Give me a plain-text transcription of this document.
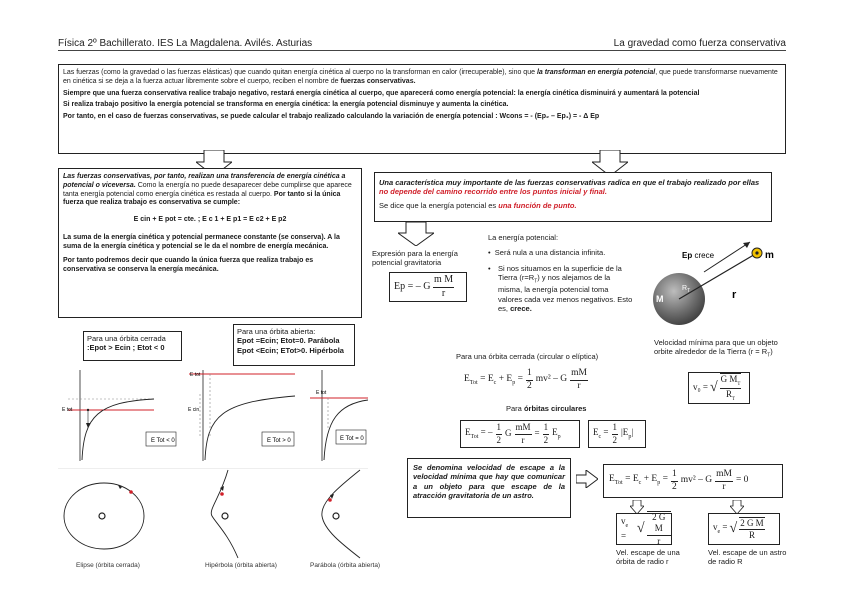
Física 2º Bachillerato. IES La Magdalena. Avilés. Asturias	La gravedad como fuerza conservativa
Las fuerzas (como la gravedad o las fuerzas elásticas) que cuando quitan energía cinética al cuerpo no la transforman en calor (irrecuperable), sino que la transforman en energía potencial, que puede transformarse nuevamente en cinética si se deja a la fuerza actuar libremente sobre el cuerpo, reciben el nombre de fuerzas conservativas.
Siempre que una fuerza conservativa realice trabajo negativo, restará energía cinética al cuerpo, que aparecerá como energía potencial: la energía cinética disminuirá y aumentará la potencial
Si realiza trabajo positivo la energía potencial se transforma en energía cinética: la energía potencial disminuye y aumenta la cinética.
Por tanto, en el caso de fuerzas conservativas, se puede calcular el trabajo realizado calculando la variación de energía potencial : Wcons = - (Ep₂ – Ep₁) = - Δ Ep
Las fuerzas conservativas, por tanto, realizan una transferencia de energía cinética a potencial o viceversa. Como la energía no puede desaparecer debe cumplirse que aparece tanta energía potencial como energía cinética es restada al cuerpo. Por tanto si la única fuerza que realiza trabajo es conservativa se cumple:
E cin + E pot = cte. ; E c 1 + E p1 = E c2 + E p2
La suma de la energía cinética y potencial permanece constante (se conserva). A la suma de la energía cinética y potencial se le da el nombre de energía mecánica.
Por tanto podremos decir que cuando la única fuerza que realiza trabajo es conservativa se conserva la energía mecánica.
Una característica muy importante de las fuerzas conservativas radica en que el trabajo realizado por ellas no depende del camino recorrido entre los puntos inicial y final.
Se dice que la energía potencial es una función de punto.
Expresión para la energía potencial gravitatoria
Ep = – G
$\frac{\text{m M}}{r}$
La energía potencial:
•  Será nula a una distancia infinita.
• Si nos situamos en la superficie de la Tierra $(r=R_T)$ y nos alejamos de la misma, la energía potencial toma valores cada vez menos negativos. Esto es, crece.
Ep crece
M
$R_T$
m
r
Para una órbita cerrada
:Epot > Ecin ; Etot < 0
Para una órbita abierta:
Epot =Ecin; Etot=0. Parábola
Epot <Ecin; ETot>0. Hipérbola
E tot
E Tot < 0
E tot
E cin
E Tot > 0
E tot
E Tot = 0
Elipse (órbita cerrada)	Hipérbola (órbita abierta)	Parábola (órbita abierta)
Para una órbita cerrada (circular o elíptica)
$E_{Tot} = E_c + E_p = \frac{1}{2} mv^2 - G \frac{mM}{r}$
Para órbitas circulares
$E_{Tot}$ = – $\frac{1}{2}$ G $\frac{mM}{r} = \frac{1}{2} E_p$	$E_c = \frac{1}{2} |E_p|$
Velocidad mínima para que un objeto orbite alrededor de la Tierra $(r = R_T)$
v₀ = √ $\frac{G M_T}{R_T}$
Se denomina velocidad de escape a la velocidad mínima que hay que comunicar a un objeto para que escape de la atracción gravitatoria de un astro.
$E_{Tot} = E_c + E_p = \frac{1}{2} mv^2 - G \frac{mM}{r} = 0$
$v_e$ = √ $\frac{\text{2 G M}}{r}$	$v_e$ = √ $\frac{\text{2 G M}}{R}$
Vel. escape de una órbita de radio r
Vel. escape de un astro de radio R
